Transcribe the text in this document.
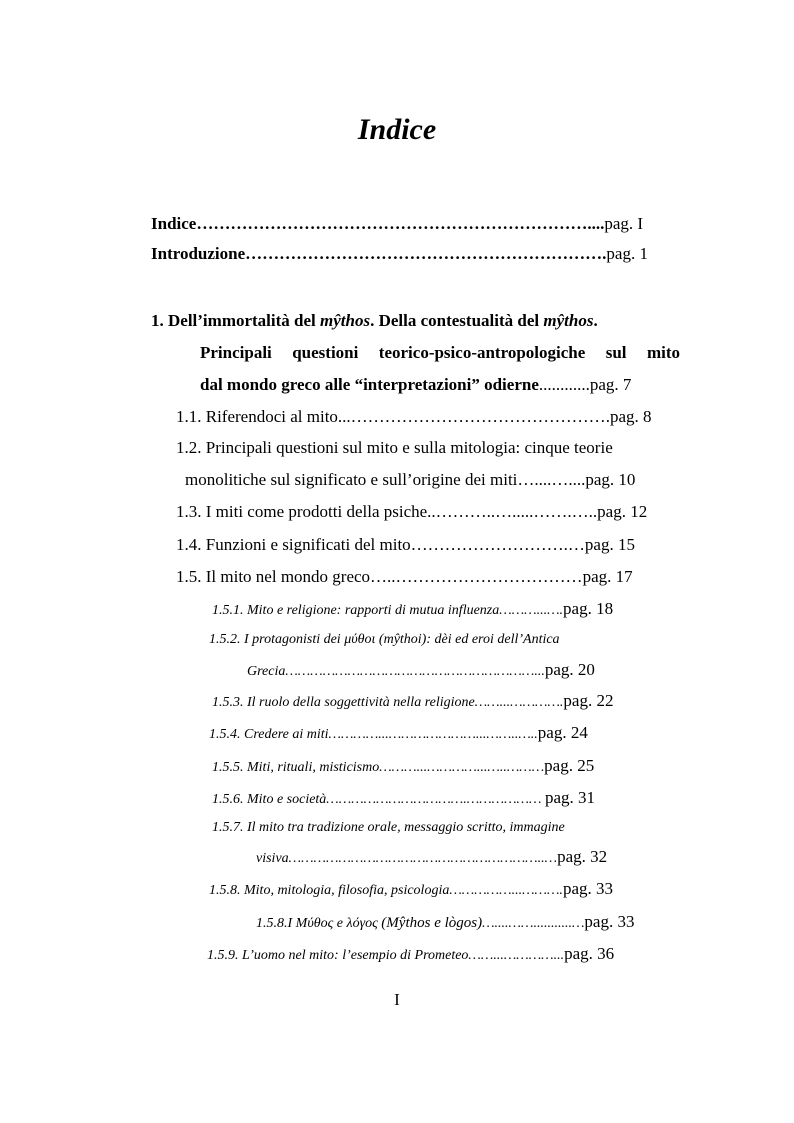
Indice
Indice……………………………………………………………....pag. I
Introduzione……………………………………………………….pag. 1
1. Dell’immortalità del mŷthos. Della contestualità del mŷthos.
Principali questioni teorico-psico-antropologiche sul mito
dal mondo greco alle “interpretazioni” odierne............pag. 7
1.1. Riferendoci al mito...……………………………………….pag. 8
1.2. Principali questioni sul mito e sulla mitologia: cinque teorie
monolitiche sul significato e sull’origine dei miti…....…....pag. 10
1.3. I miti come prodotti della psiche..………..….....…….…..pag. 12
1.4. Funzioni e significati del mito……………………….…pag. 15
1.5. Il mito nel mondo greco…..……………………………pag. 17
1.5.1. Mito e religione: rapporti di mutua influenza………...….pag. 18
1.5.2. I protagonisti dei μύθοι (mŷthoi): dèi ed eroi dell’Antica
Grecia……………………………………………………...pag. 20
1.5.3. Il ruolo della soggettività nella religione……...………….pag. 22
1.5.4. Credere ai miti…………...…………………...……..…..pag. 24
1.5.5. Miti, rituali, misticismo………...…………...…..………pag. 25
1.5.6. Mito e società…………………………….……………… pag. 31
1.5.7. Il mito tra tradizione orale, messaggio scritto, immagine
visiva……………………………………………………..…pag. 32
1.5.8. Mito, mitologia, filosofia, psicologia……………...……….pag. 33
1.5.8.I Μύθος e λόγος (Mŷthos e lògos)…....……...........…pag. 33
1.5.9. L’uomo nel mito: l’esempio di Prometeo……...…………...pag. 36
I
